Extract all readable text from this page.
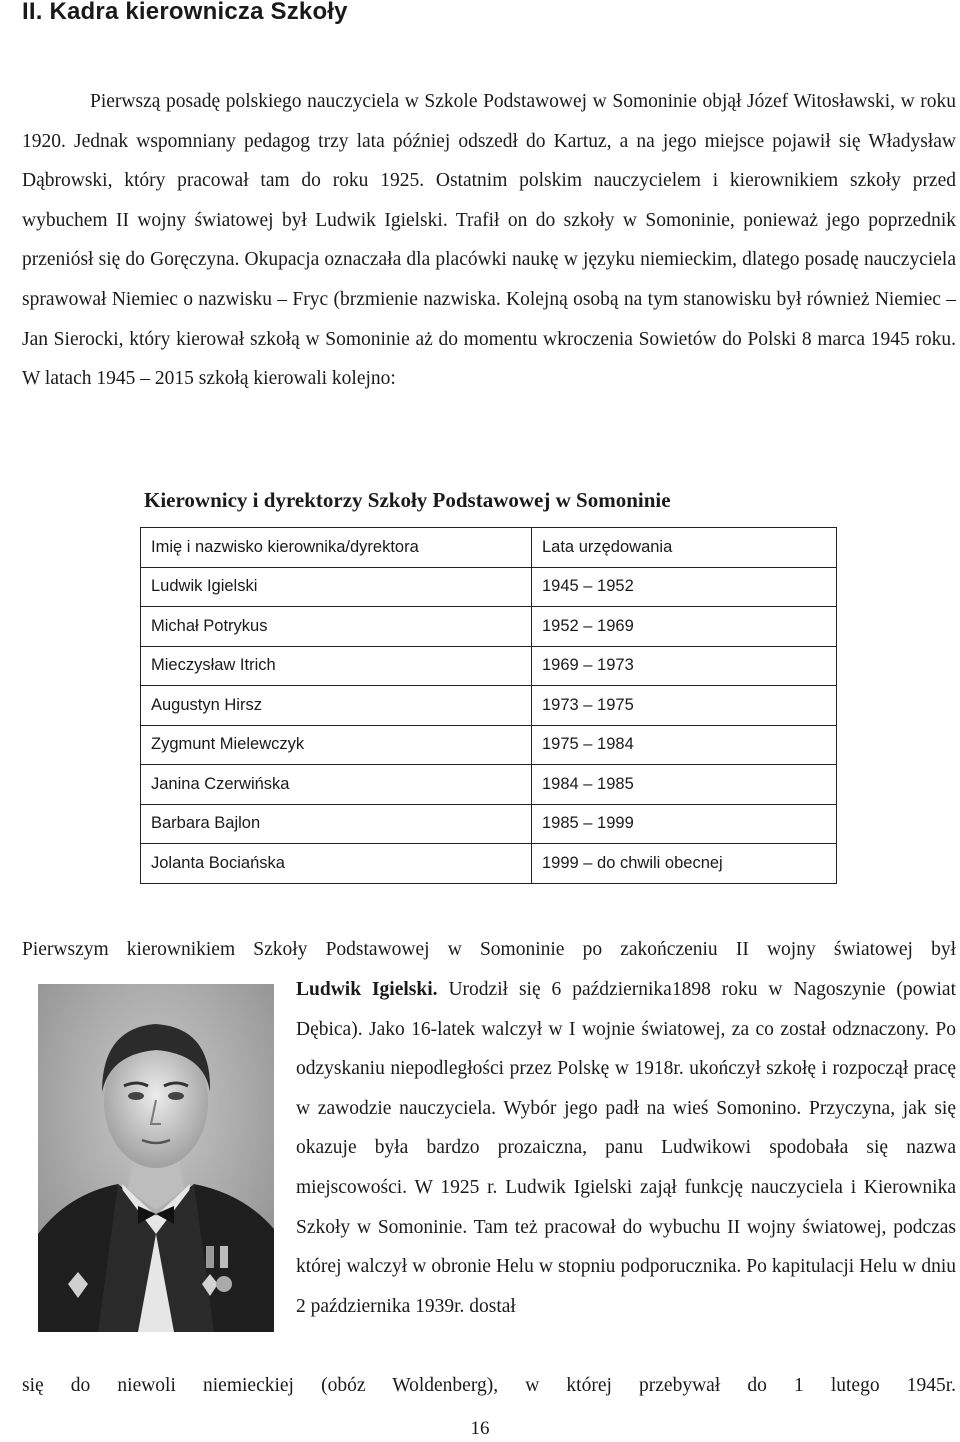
II. Kadra kierownicza Szkoły

Pierwszą posadę polskiego nauczyciela w Szkole Podstawowej w Somoninie objął Józef Witosławski, w roku 1920. Jednak wspomniany pedagog trzy lata później odszedł do Kartuz, a na jego miejsce pojawił się Władysław Dąbrowski, który pracował tam do roku 1925. Ostatnim polskim nauczycielem i kierownikiem szkoły przed wybuchem II wojny światowej był Ludwik Igielski. Trafił on do szkoły w Somoninie, ponieważ jego poprzednik przeniósł się do Goręczyna. Okupacja oznaczała dla placówki naukę w języku niemieckim, dlatego posadę nauczyciela sprawował Niemiec o nazwisku – Fryc (brzmienie nazwiska. Kolejną osobą na tym stanowisku był również Niemiec – Jan Sierocki, który kierował szkołą w Somoninie aż do momentu wkroczenia Sowietów do Polski 8 marca 1945 roku. W latach 1945 – 2015 szkołą kierowali kolejno:

Kierownicy i dyrektorzy Szkoły Podstawowej w Somoninie
Imię i nazwisko kierownika/dyrektora	Lata urzędowania
Ludwik Igielski	1945 – 1952
Michał Potrykus	1952 – 1969
Mieczysław Itrich	1969 – 1973
Augustyn Hirsz	1973 – 1975
Zygmunt Mielewczyk	1975 – 1984
Janina Czerwińska	1984 – 1985
Barbara Bajlon	1985 – 1999
Jolanta Bociańska	1999 – do chwili obecnej

Pierwszym kierownikiem Szkoły Podstawowej w Somoninie po zakończeniu II wojny światowej był

Ludwik Igielski. Urodził się 6 października1898 roku w Nagoszynie (powiat Dębica). Jako 16-latek walczył w I wojnie światowej, za co został odznaczony. Po odzyskaniu niepodległości przez Polskę w 1918r. ukończył szkołę i rozpoczął pracę w zawodzie nauczyciela. Wybór jego padł na wieś Somonino. Przyczyna, jak się okazuje była bardzo prozaiczna, panu Ludwikowi spodobała się nazwa miejscowości. W 1925 r. Ludwik Igielski zajął funkcję nauczyciela i Kierownika Szkoły w Somoninie. Tam też pracował do wybuchu II wojny światowej, podczas której walczył w obronie Helu w stopniu podporucznika. Po kapitulacji Helu w dniu 2 października 1939r. dostał

się do niewoli niemieckiej (obóz Woldenberg), w której przebywał do 1 lutego 1945r.

16
